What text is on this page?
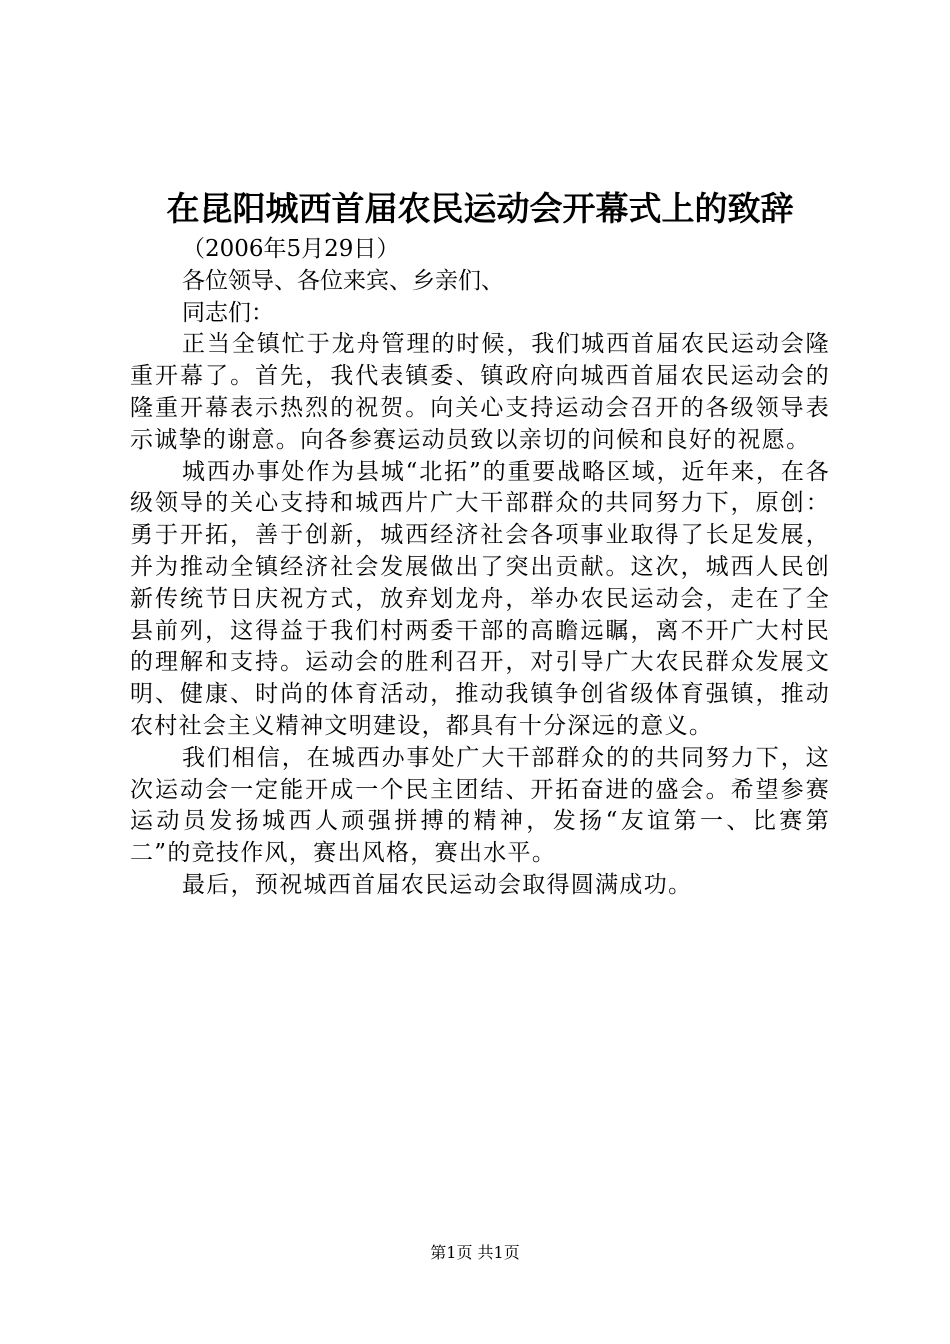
在昆阳城西首届农民运动会开幕式上的致辞

（2006年5月29日）

各位领导、各位来宾、乡亲们、

同志们：

正当全镇忙于龙舟管理的时候，我们城西首届农民运动会隆重开幕了。首先，我代表镇委、镇政府向城西首届农民运动会的隆重开幕表示热烈的祝贺。向关心支持运动会召开的各级领导表示诚挚的谢意。向各参赛运动员致以亲切的问候和良好的祝愿。

城西办事处作为县城“北拓”的重要战略区域，近年来，在各级领导的关心支持和城西片广大干部群众的共同努力下，原创：勇于开拓，善于创新，城西经济社会各项事业取得了长足发展，并为推动全镇经济社会发展做出了突出贡献。这次，城西人民创新传统节日庆祝方式，放弃划龙舟，举办农民运动会，走在了全县前列，这得益于我们村两委干部的高瞻远瞩，离不开广大村民的理解和支持。运动会的胜利召开，对引导广大农民群众发展文明、健康、时尚的体育活动，推动我镇争创省级体育强镇，推动农村社会主义精神文明建设，都具有十分深远的意义。

我们相信，在城西办事处广大干部群众的的共同努力下，这次运动会一定能开成一个民主团结、开拓奋进的盛会。希望参赛运动员发扬城西人顽强拼搏的精神，发扬“友谊第一、比赛第二”的竞技作风，赛出风格，赛出水平。

最后，预祝城西首届农民运动会取得圆满成功。

第1页 共1页
